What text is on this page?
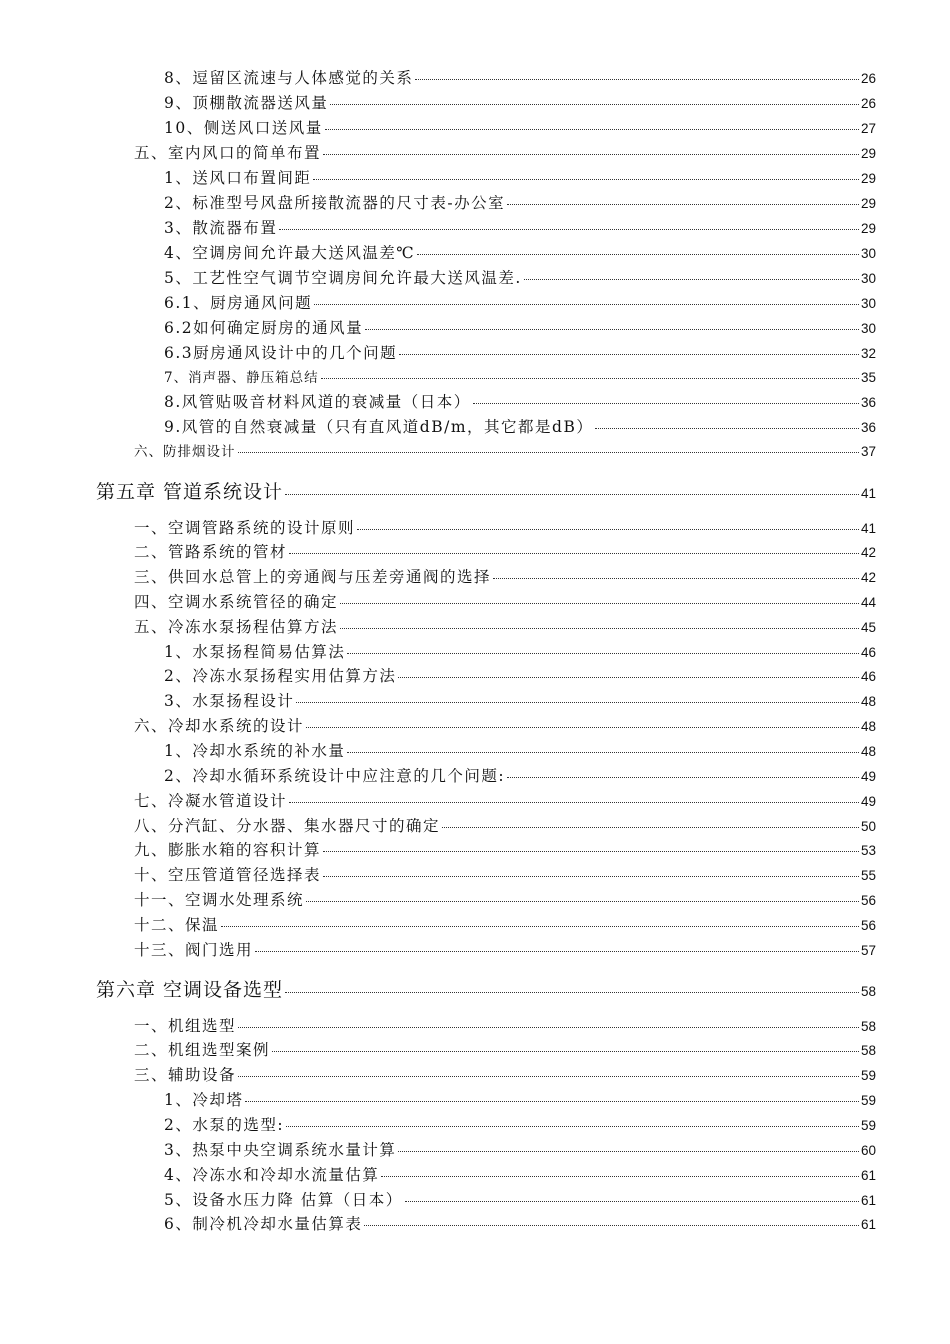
8、逗留区流速与人体感觉的关系	26
9、顶棚散流器送风量	26
10、侧送风口送风量	27
五、室内风口的简单布置	29
1、送风口布置间距	29
2、标准型号风盘所接散流器的尺寸表-办公室	29
3、散流器布置	29
4、空调房间允许最大送风温差℃	30
5、工艺性空气调节空调房间允许最大送风温差.	30
6.1、厨房通风问题	30
6.2如何确定厨房的通风量	30
6.3厨房通风设计中的几个问题	32
7、消声器、静压箱总结	35
8.风管贴吸音材料风道的衰减量（日本）	36
9.风管的自然衰减量（只有直风道dB/m，其它都是dB）	36
六、防排烟设计	37
第五章 管道系统设计	41
一、空调管路系统的设计原则	41
二、管路系统的管材	42
三、供回水总管上的旁通阀与压差旁通阀的选择	42
四、空调水系统管径的确定	44
五、冷冻水泵扬程估算方法	45
1、水泵扬程简易估算法	46
2、冷冻水泵扬程实用估算方法	46
3、水泵扬程设计	48
六、冷却水系统的设计	48
1、冷却水系统的补水量	48
2、冷却水循环系统设计中应注意的几个问题:	49
七、冷凝水管道设计	49
八、分汽缸、分水器、集水器尺寸的确定	50
九、膨胀水箱的容积计算	53
十、空压管道管径选择表	55
十一、空调水处理系统	56
十二、保温	56
十三、阀门选用	57
第六章 空调设备选型	58
一、机组选型	58
二、机组选型案例	58
三、辅助设备	59
1、冷却塔	59
2、水泵的选型:	59
3、热泵中央空调系统水量计算	60
4、冷冻水和冷却水流量估算	61
5、设备水压力降 估算（日本）	61
6、制冷机冷却水量估算表	61
